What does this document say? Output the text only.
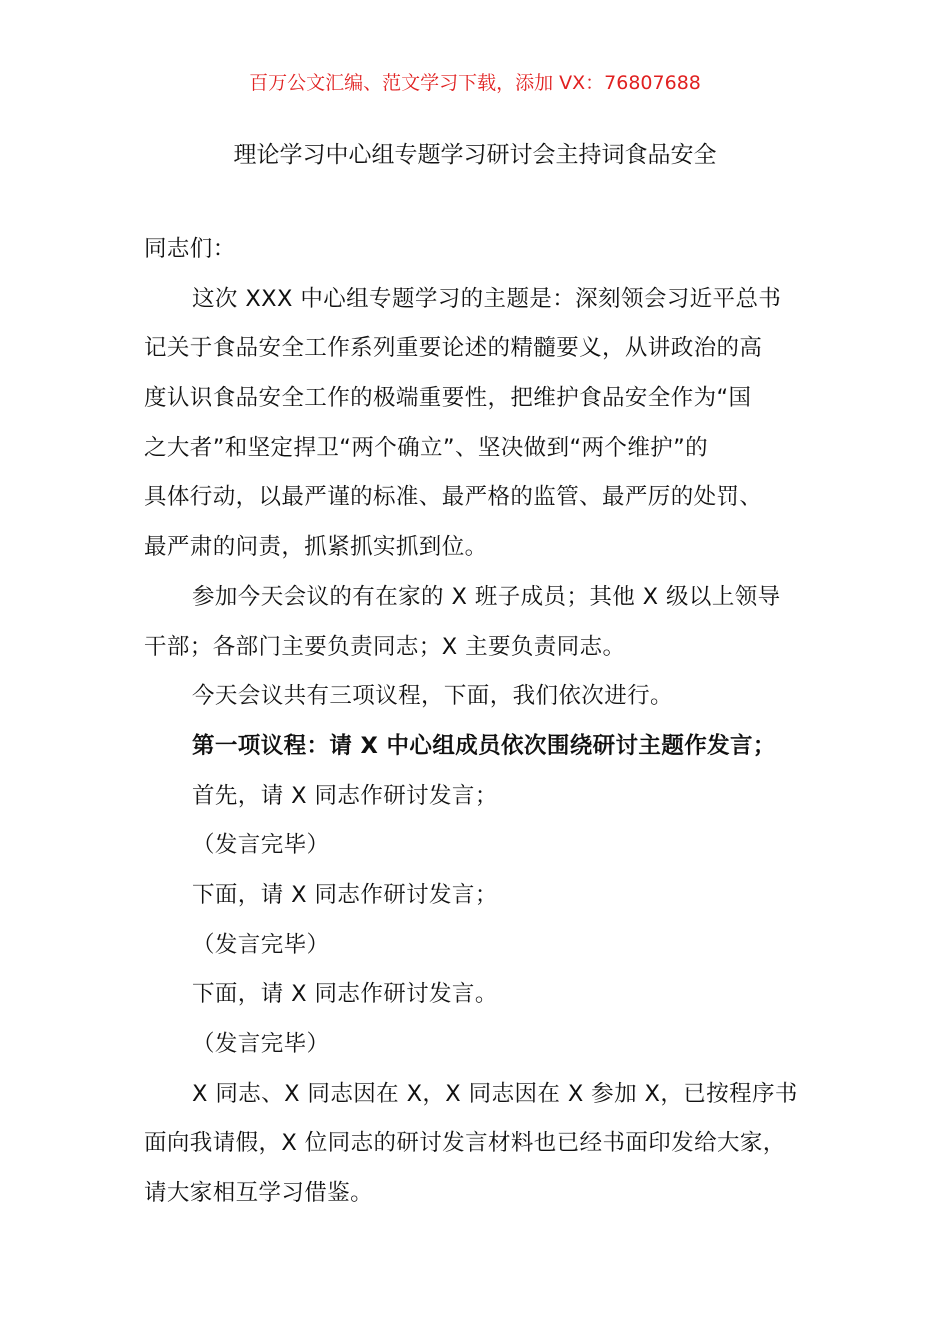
百万公文汇编、范文学习下载，添加 VX：76807688
理论学习中心组专题学习研讨会主持词食品安全
同志们：
这次 XXX 中心组专题学习的主题是：深刻领会习近平总书
记关于食品安全工作系列重要论述的精髓要义，从讲政治的高
度认识食品安全工作的极端重要性，把维护食品安全作为“国
之大者”和坚定捍卫“两个确立”、坚决做到“两个维护”的
具体行动，以最严谨的标准、最严格的监管、最严厉的处罚、
最严肃的问责，抓紧抓实抓到位。
参加今天会议的有在家的 X 班子成员；其他 X 级以上领导
干部；各部门主要负责同志；X 主要负责同志。
今天会议共有三项议程，下面，我们依次进行。
第一项议程：请 X 中心组成员依次围绕研讨主题作发言；
首先，请 X 同志作研讨发言；
（发言完毕）
下面，请 X 同志作研讨发言；
（发言完毕）
下面，请 X 同志作研讨发言。
（发言完毕）
X 同志、X 同志因在 X，X 同志因在 X 参加 X，已按程序书
面向我请假，X 位同志的研讨发言材料也已经书面印发给大家，
请大家相互学习借鉴。
